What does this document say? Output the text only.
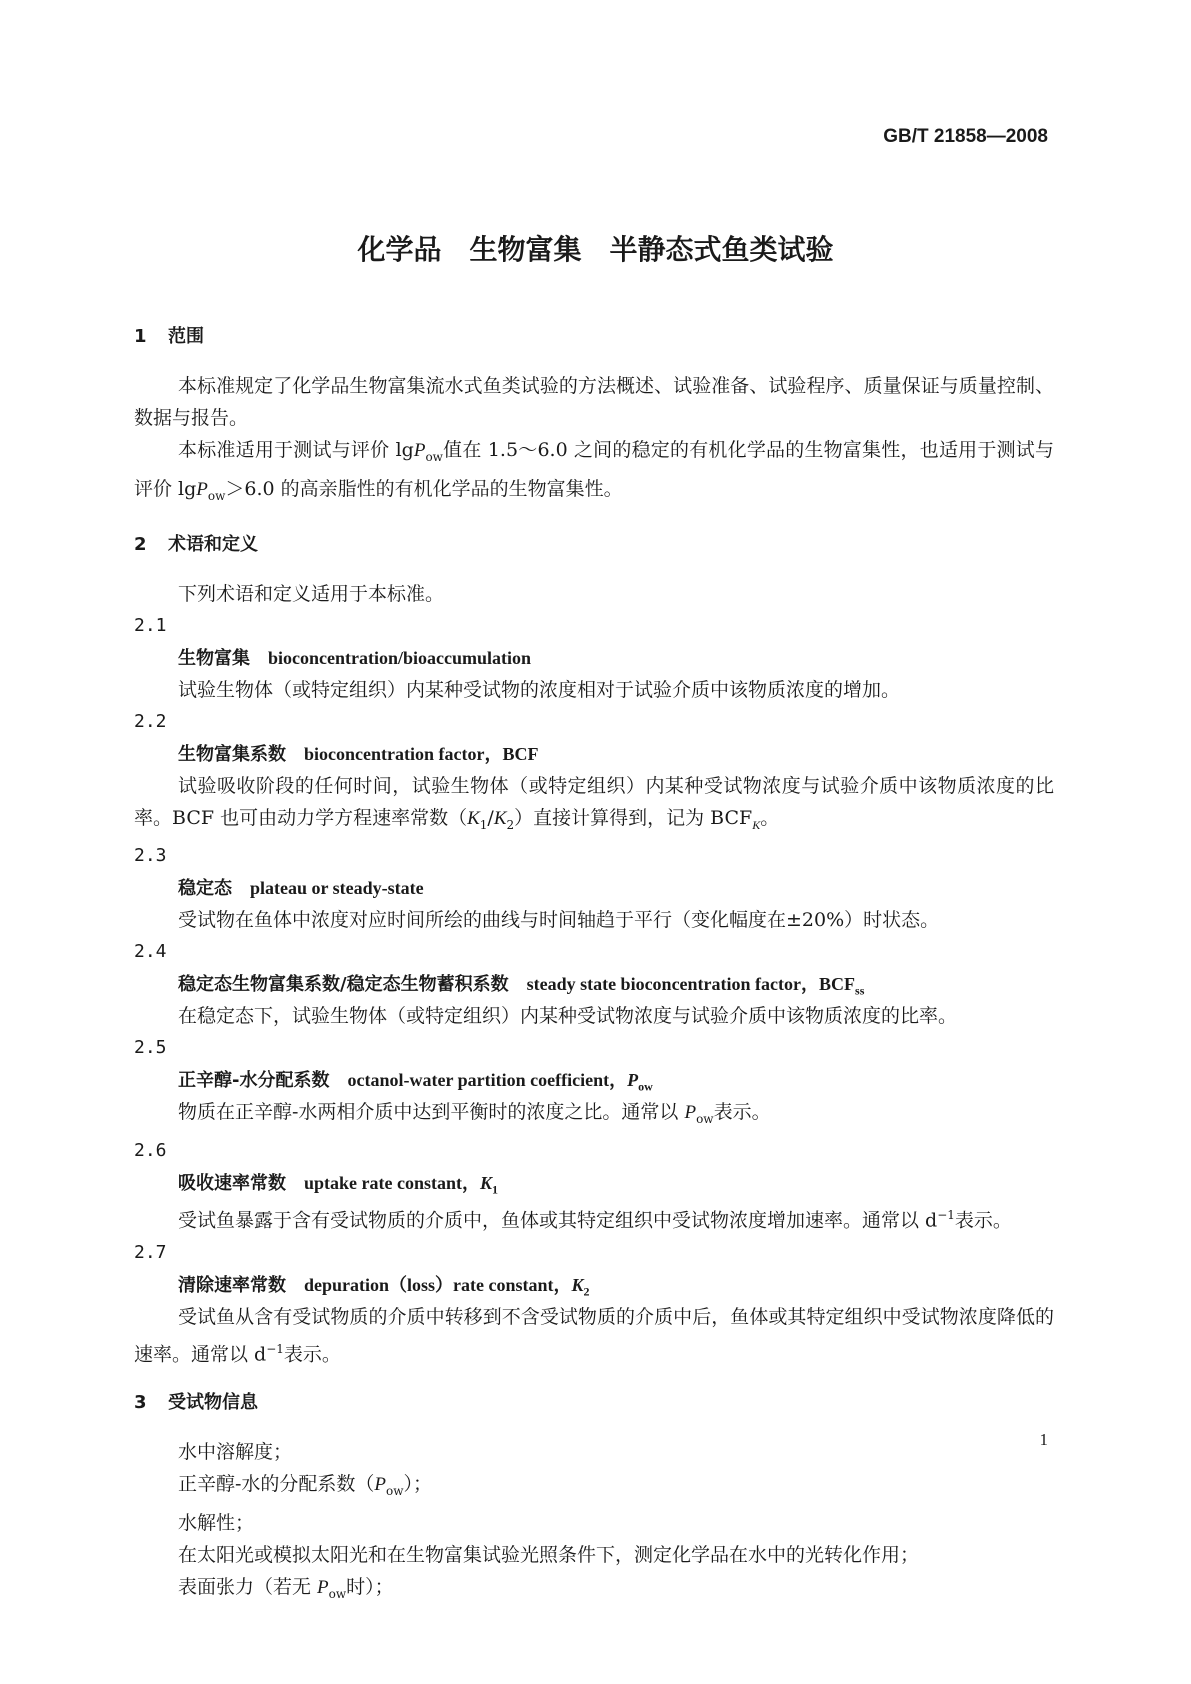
GB/T 21858—2008
化学品　生物富集　半静态式鱼类试验
1 范围

本标准规定了化学品生物富集流水式鱼类试验的方法概述、试验准备、试验程序、质量保证与质量控制、数据与报告。

本标准适用于测试与评价 lgP$_{ow}$值在 1.5～6.0 之间的稳定的有机化学品的生物富集性，也适用于测试与评价 lgP$_{ow}$＞6.0 的高亲脂性的有机化学品的生物富集性。

2 术语和定义
下列术语和定义适用于本标准。
2.1
生物富集 bioconcentration/bioaccumulation
试验生物体（或特定组织）内某种受试物的浓度相对于试验介质中该物质浓度的增加。
2.2
生物富集系数 bioconcentration factor，BCF

试验吸收阶段的任何时间，试验生物体（或特定组织）内某种受试物浓度与试验介质中该物质浓度的比率。BCF 也可由动力学方程速率常数$(K_1/K_2)$直接计算得到，记为 $BCF_K$。

2.3
稳定态 plateau or steady-state
受试物在鱼体中浓度对应时间所绘的曲线与时间轴趋于平行（变化幅度在±20%）时状态。
2.4
稳定态生物富集系数/稳定态生物蓄积系数 steady state bioconcentration factor，$BCF_{ss}$
在稳定态下，试验生物体（或特定组织）内某种受试物浓度与试验介质中该物质浓度的比率。
2.5
正辛醇-水分配系数 octanol-water partition coefficient，$P_{ow}$
物质在正辛醇-水两相介质中达到平衡时的浓度之比。通常以 $P_{ow}$表示。
2.6
吸收速率常数 uptake rate constant，$K_1$

受试鱼暴露于含有受试物质的介质中，鱼体或其特定组织中受试物浓度增加速率。通常以 $d^{-1}$表示。

2.7
清除速率常数 depuration（loss）rate constant，$K_2$

受试鱼从含有受试物质的介质中转移到不含受试物质的介质中后，鱼体或其特定组织中受试物浓度降低的速率。通常以 $d^{-1}$表示。

3 受试物信息
水中溶解度；
正辛醇-水的分配系数$(P_{ow})$；
水解性；
在太阳光或模拟太阳光和在生物富集试验光照条件下，测定化学品在水中的光转化作用；
表面张力（若无 $P_{ow}$时）；
1
